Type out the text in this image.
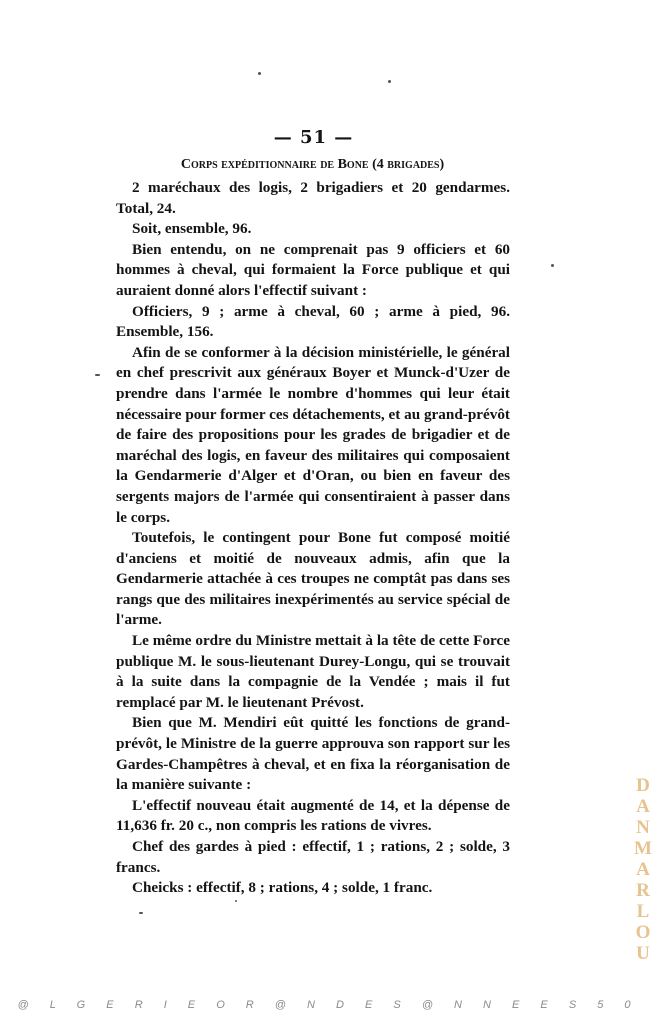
— 51 —
Corps expéditionnaire de Bone (4 brigades)

2 maréchaux des logis, 2 brigadiers et 20 gendarmes. Total, 24.

Soit, ensemble, 96.

Bien entendu, on ne comprenait pas 9 officiers et 60 hommes à cheval, qui formaient la Force publique et qui auraient donné alors l'effectif suivant :

Officiers, 9 ; arme à cheval, 60 ; arme à pied, 96. Ensemble, 156.

Afin de se conformer à la décision ministérielle, le général en chef prescrivit aux généraux Boyer et Munck-d'Uzer de prendre dans l'armée le nombre d'hommes qui leur était nécessaire pour former ces détachements, et au grand-prévôt de faire des propositions pour les grades de brigadier et de maréchal des logis, en faveur des militaires qui composaient la Gendarmerie d'Alger et d'Oran, ou bien en faveur des sergents majors de l'armée qui consentiraient à passer dans le corps.

Toutefois, le contingent pour Bone fut composé moitié d'anciens et moitié de nouveaux admis, afin que la Gendarmerie attachée à ces troupes ne comptât pas dans ses rangs que des militaires inexpérimentés au service spécial de l'arme.

Le même ordre du Ministre mettait à la tête de cette Force publique M. le sous-lieutenant Durey-Longu, qui se trouvait à la suite dans la compagnie de la Vendée ; mais il fut remplacé par M. le lieutenant Prévost.

Bien que M. Mendiri eût quitté les fonctions de grand-prévôt, le Ministre de la guerre approuva son rapport sur les Gardes-Champêtres à cheval, et en fixa la réorganisation de la manière suivante :

L'effectif nouveau était augmenté de 14, et la dépense de 11,636 fr. 20 c., non compris les rations de vivres.

Chef des gardes à pied : effectif, 1 ; rations, 2 ; solde, 3 francs.

Cheicks : effectif, 8 ; rations, 4 ; solde, 1 franc.

D
A
N
M
A
R
L
O
U
@ L G E R I E O R @ N D E S @ N N E E S 5 0
